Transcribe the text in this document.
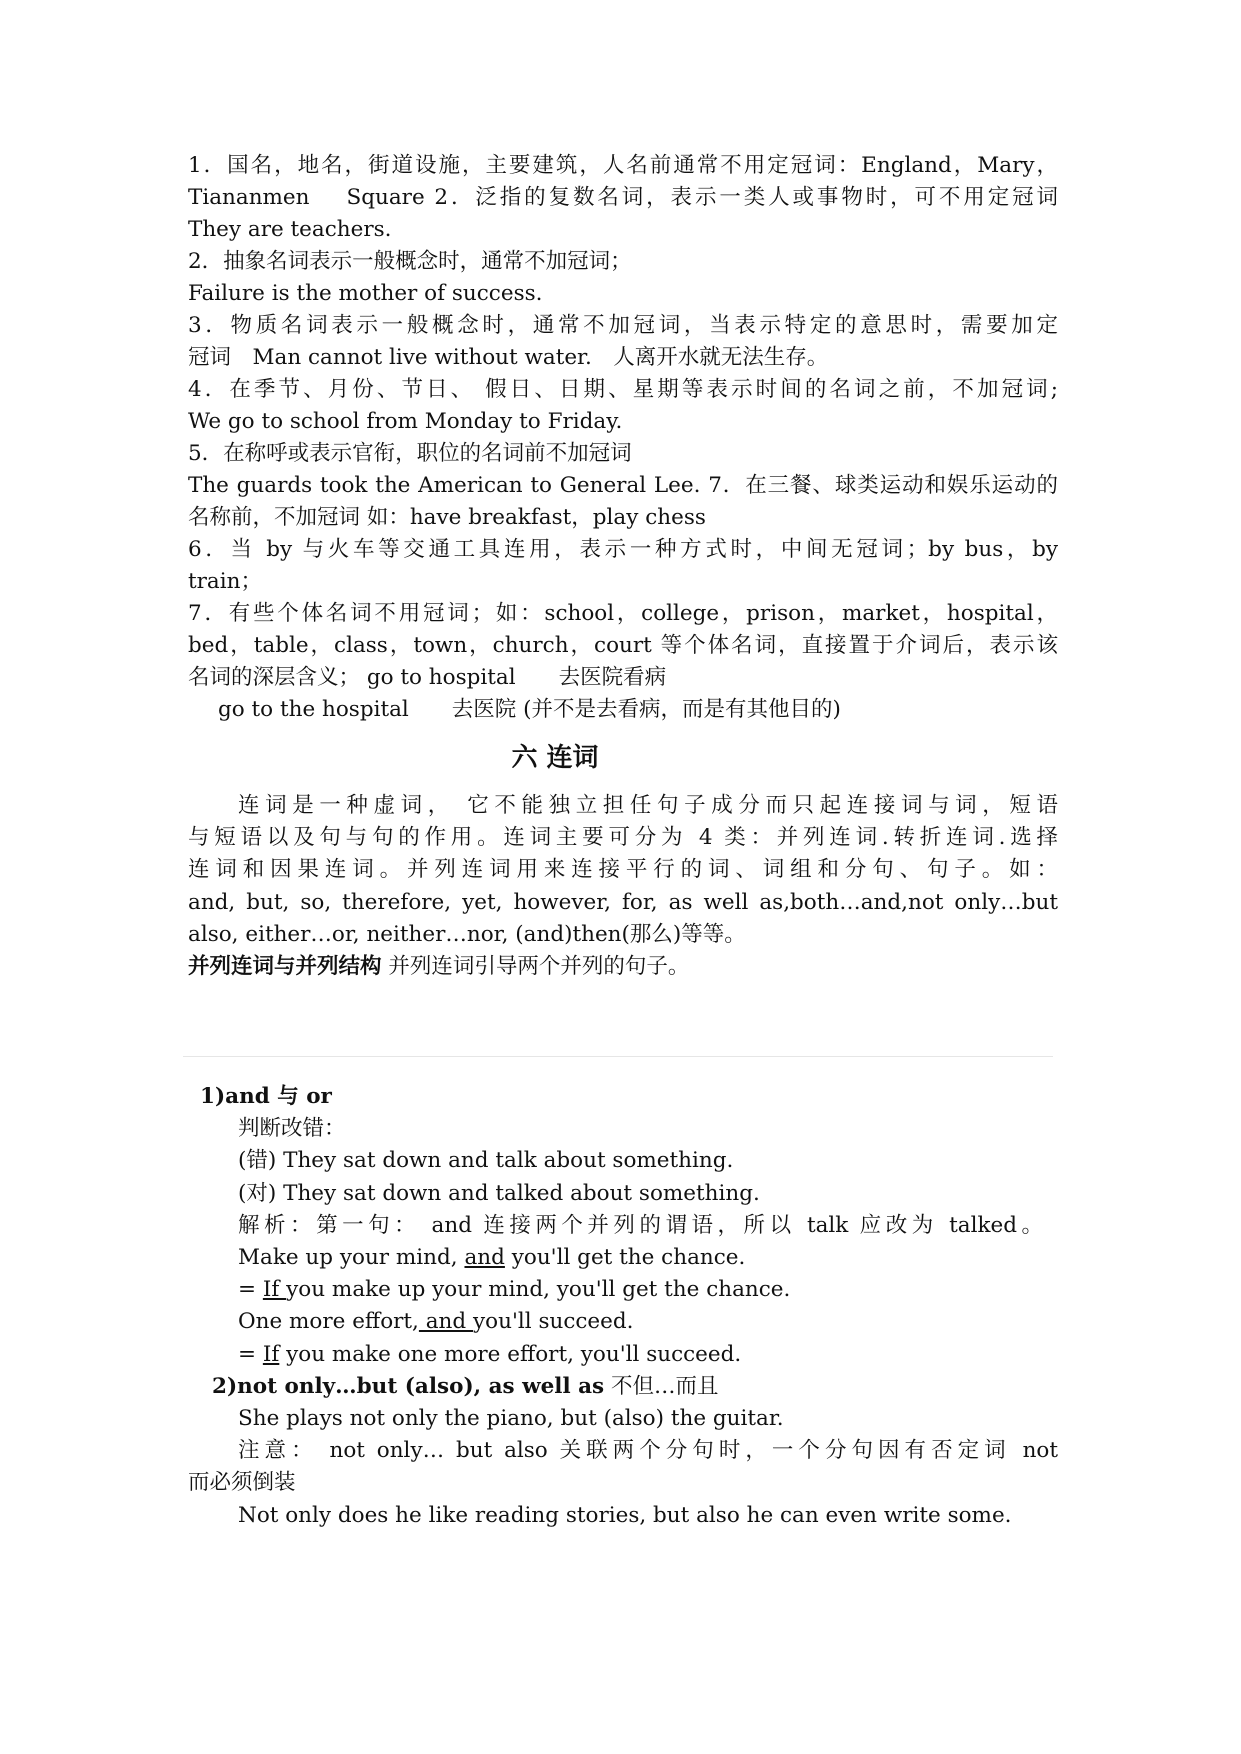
1．国名，地名，街道设施，主要建筑，人名前通常不用定冠词：England，Mary，
Tiananmen　 Square 2．泛指的复数名词，表示一类人或事物时，可不用定冠词
They are teachers.
2．抽象名词表示一般概念时，通常不加冠词；
Failure is the mother of success.
3．物质名词表示一般概念时，通常不加冠词，当表示特定的意思时，需要加定
冠词　Man cannot live without water.　人离开水就无法生存。
4．在季节、月份、节日、 假日、日期、星期等表示时间的名词之前，不加冠词;
We go to school from Monday to Friday.
5．在称呼或表示官衔，职位的名词前不加冠词
The guards took the American to General Lee. 7．在三餐、球类运动和娱乐运动的
名称前，不加冠词 如：have breakfast，play chess
6．当 by 与火车等交通工具连用，表示一种方式时，中间无冠词；by bus，by
train；
7．有些个体名词不用冠词；如：school，college，prison，market，hospital，
bed，table，class，town，church，court 等个体名词，直接置于介词后，表示该
名词的深层含义； go to hospital　　去医院看病
go to the hospital　　去医院 (并不是去看病，而是有其他目的)
六 连词
连词是一种虚词， 它不能独立担任句子成分而只起连接词与词，短语
与短语以及句与句的作用。连词主要可分为 4 类：并列连词.转折连词.选择
连词和因果连词。并列连词用来连接平行的词、词组和分句、句子。如：
and, but, so, therefore, yet, however, for, as well as,both…and,not only…but
also, either…or, neither…nor, (and)then(那么)等等。
并列连词与并列结构 并列连词引导两个并列的句子。
1)and 与 or
判断改错：
(错) They sat down and talk about something.
(对) They sat down and talked about something.
解析：第一句： and 连接两个并列的谓语，所以 talk 应改为 talked。
Make up your mind, and you'll get the chance.
= If you make up your mind, you'll get the chance.
One more effort, and you'll succeed.
= If you make one more effort, you'll succeed.
2)not only…but (also), as well as 不但…而且
She plays not only the piano, but (also) the guitar.
注意： not only… but also 关联两个分句时，一个分句因有否定词 not
而必须倒装
Not only does he like reading stories, but also he can even write some.
